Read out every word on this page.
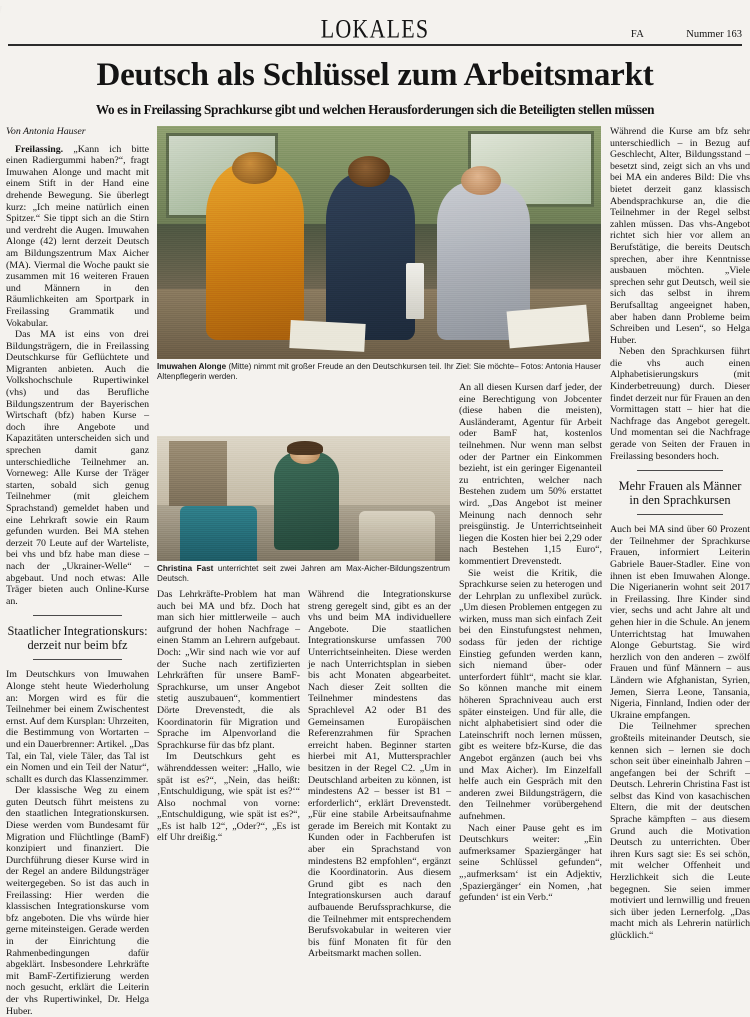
LOKALES	FA	Nummer 163
Deutsch als Schlüssel zum Arbeitsmarkt
Wo es in Freilassing Sprachkurse gibt und welchen Herausforderungen sich die Beteiligten stellen müssen
– Fotos: Antonia Hauser
Imuwahen Alonge (Mitte) nimmt mit großer Freude an den Deutschkursen teil. Ihr Ziel: Sie möchte Altenpflegerin werden.
Christina Fast unterrichtet seit zwei Jahren am Max-Aicher-Bildungszentrum Deutsch.

Von Antonia Hauser

Freilassing. „Kann ich bitte einen Radiergummi haben?“, fragt Imuwahen Alonge und macht mit einem Stift in der Hand eine drehende Bewegung. Sie überlegt kurz: „Ich meine natürlich einen Spitzer.“ Sie tippt sich an die Stirn und verdreht die Augen. Imuwahen Alonge (42) lernt derzeit Deutsch am Bildungszentrum Max Aicher (MA). Viermal die Woche paukt sie zusammen mit 16 weiteren Frauen und Männern in den Räumlichkeiten am Sportpark in Freilassing Grammatik und Vokabular.

Das MA ist eins von drei Bildungsträgern, die in Freilassing Deutschkurse für Geflüchtete und Migranten anbieten. Auch die Volkshochschule Rupertiwinkel (vhs) und das Berufliche Bildungszentrum der Bayerischen Wirtschaft (bfz) haben Kurse – doch ihre Angebote und Kapazitäten unterscheiden sich und sprechen damit ganz unterschiedliche Teilnehmer an. Vorneweg: Alle Kurse der Träger starten, sobald sich genug Teilnehmer (mit gleichem Sprachstand) gemeldet haben und eine Lehrkraft sowie ein Raum gefunden wurden. Bei MA stehen derzeit 70 Leute auf der Warteliste, bei vhs und bfz habe man diese – nach der „Ukrainer-Welle“ – abgebaut. Und noch etwas: Alle Träger bieten auch Online-Kurse an.

Staatlicher Integrationskurs:
derzeit nur beim bfz

Im Deutschkurs von Imuwahen Alonge steht heute Wiederholung an: Morgen wird es für die Teilnehmer bei einem Zwischentest ernst. Auf dem Kursplan: Uhrzeiten, die Bestimmung von Wortarten – und ein Dauerbrenner: Artikel. „Das Tal, ein Tal, viele Täler, das Tal ist ein Nomen und ein Teil der Natur“, schallt es durch das Klassenzimmer.

Der klassische Weg zu einem guten Deutsch führt meistens zu den staatlichen Integrationskursen. Diese werden vom Bundesamt für Migration und Flüchtlinge (BamF) konzipiert und finanziert. Die Durchführung dieser Kurse wird in der Regel an andere Bildungsträger weitergegeben. So ist das auch in Freilassing: Hier werden die klassischen Integrationskurse vom bfz angeboten. Die vhs würde hier gerne miteinsteigen. Gerade werden in der Einrichtung die Rahmenbedingungen dafür abgeklärt. Insbesondere Lehrkräfte mit BamF-Zertifizierung werden noch gesucht, erklärt die Leiterin der vhs Rupertiwinkel, Dr. Helga Huber.

Das Lehrkräfte-Problem hat man auch bei MA und bfz. Doch hat man sich hier mittlerweile – auch aufgrund der hohen Nachfrage – einen Stamm an Lehrern aufgebaut. Doch: „Wir sind nach wie vor auf der Suche nach zertifizierten Lehrkräften für unsere BamF-Sprachkurse, um unser Angebot stetig auszubauen“, kommentiert Dörte Drevenstedt, die als Koordinatorin für Migration und Sprache im Alpenvorland die Sprachkurse für das bfz plant.

Im Deutschkurs geht es währenddessen weiter: „Hallo, wie spät ist es?“, „Nein, das heißt: ‚Entschuldigung, wie spät ist es?‘“ Also nochmal von vorne: „Entschuldigung, wie spät ist es?“, „Es ist halb 12“, „Oder?“, „Es ist elf Uhr dreißig.“

Während die Integrationskurse streng geregelt sind, gibt es an der vhs und beim MA individuellere Angebote. Die staatlichen Integrationskurse umfassen 700 Unterrichtseinheiten. Diese werden je nach Unterrichtsplan in sieben bis acht Monaten abgearbeitet. Nach dieser Zeit sollten die Teilnehmer mindestens das Sprachlevel A2 oder B1 des Gemeinsamen Europäischen Referenzrahmen für Sprachen erreicht haben. Beginner starten hierbei mit A1, Muttersprachler besitzen in der Regel C2. „Um in Deutschland arbeiten zu können, ist mindestens A2 – besser ist B1 – erforderlich“, erklärt Drevenstedt. „Für eine stabile Arbeitsaufnahme gerade im Bereich mit Kontakt zu Kunden oder in Fachberufen ist aber ein Sprachstand von mindestens B2 empfohlen“, ergänzt die Koordinatorin. Aus diesem Grund gibt es nach den Integrationskursen auch darauf aufbauende Berufssprachkurse, die die Teilnehmer mit entsprechendem Berufsvokabular in weiteren vier bis fünf Monaten fit für den Arbeitsmarkt machen sollen.

An all diesen Kursen darf jeder, der eine Berechtigung von Jobcenter (diese haben die meisten), Ausländeramt, Agentur für Arbeit oder BamF hat, kostenlos teilnehmen. Nur wenn man selbst oder der Partner ein Einkommen bezieht, ist ein geringer Eigenanteil zu entrichten, welcher nach Bestehen zudem um 50% erstattet wird. „Das Angebot ist meiner Meinung nach dennoch sehr preisgünstig. Je Unterrichtseinheit liegen die Kosten hier bei 2,29 oder nach Bestehen 1,15 Euro“, kommentiert Drevenstedt.

Sie weist die Kritik, die Sprachkurse seien zu heterogen und der Lehrplan zu unflexibel zurück. „Um diesen Problemen entgegen zu wirken, muss man sich einfach Zeit bei den Einstufungstest nehmen, sodass für jeden der richtige Einstieg gefunden werden kann, sich niemand über- oder unterfordert fühlt“, macht sie klar. So können manche mit einem höheren Sprachniveau auch erst später einsteigen. Und für alle, die nicht alphabetisiert sind oder die Lateinschrift noch lernen müssen, gibt es weitere bfz-Kurse, die das Angebot ergänzen (auch bei vhs und Max Aicher). Im Einzelfall helfe auch ein Gespräch mit den anderen zwei Bildungsträgern, die den Teilnehmer vorübergehend aufnehmen.

Nach einer Pause geht es im Deutschkurs weiter: „Ein aufmerksamer Spaziergänger hat seine Schlüssel gefunden“, „‚aufmerksam‘ ist ein Adjektiv, ‚Spaziergänger‘ ein Nomen, ‚hat gefunden‘ ist ein Verb.“

Während die Kurse am bfz sehr unterschiedlich – in Bezug auf Geschlecht, Alter, Bildungsstand – besetzt sind, zeigt sich an vhs und bei MA ein anderes Bild: Die vhs bietet derzeit ganz klassisch Abendsprachkurse an, die die Teilnehmer in der Regel selbst zahlen müssen. Das vhs-Angebot richtet sich hier vor allem an Berufstätige, die bereits Deutsch sprechen, aber ihre Kenntnisse ausbauen möchten. „Viele sprechen sehr gut Deutsch, weil sie sich das selbst in ihrem Berufsalltag angeeignet haben, aber haben dann Probleme beim Schreiben und Lesen“, so Helga Huber.

Neben den Sprachkursen führt die vhs auch einen Alphabetisierungskurs (mit Kinderbetreuung) durch. Dieser findet derzeit nur für Frauen an den Vormittagen statt – hier hat die Nachfrage das Angebot geregelt. Und momentan sei die Nachfrage gerade von Seiten der Frauen in Freilassing besonders hoch.

Mehr Frauen als Männer
in den Sprachkursen

Auch bei MA sind über 60 Prozent der Teilnehmer der Sprachkurse Frauen, informiert Leiterin Gabriele Bauer-Stadler. Eine von ihnen ist eben Imuwahen Alonge. Die Nigerianerin wohnt seit 2017 in Freilassing. Ihre Kinder sind vier, sechs und acht Jahre alt und gehen hier in die Schule. An jenem Unterrichtstag hat Imuwahen Alonge Geburtstag. Sie wird herzlich von den anderen – zwölf Frauen und fünf Männern – aus Ländern wie Afghanistan, Syrien, Jemen, Sierra Leone, Tansania, Nigeria, Finnland, Indien oder der Ukraine empfangen.

Die Teilnehmer sprechen großteils miteinander Deutsch, sie kennen sich – lernen sie doch schon seit über eineinhalb Jahren – angefangen bei der Schrift – Deutsch. Lehrerin Christina Fast ist selbst das Kind von kasachischen Eltern, die mit der deutschen Sprache kämpften – aus diesem Grund auch die Motivation Deutsch zu unterrichten. Über ihren Kurs sagt sie: Es sei schön, mit welcher Offenheit und Herzlichkeit sich die Leute begegnen. Sie seien immer motiviert und lernwillig und freuen sich über jeden Lernerfolg. „Das macht mich als Lehrerin natürlich glücklich.“
